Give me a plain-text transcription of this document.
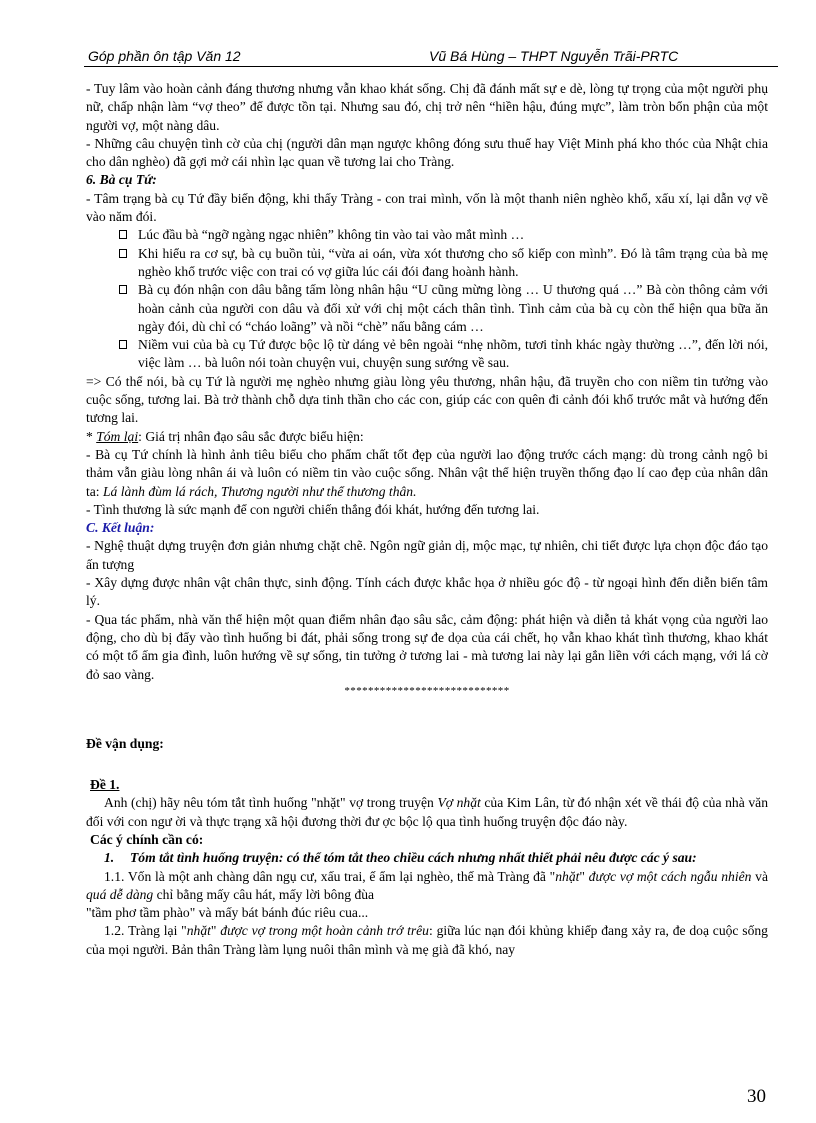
Góp phần ôn tập Văn 12	Vũ Bá Hùng – THPT Nguyễn Trãi-PRTC

- Tuy lâm vào hoàn cảnh đáng thương nhưng vẫn khao khát sống. Chị đã đánh mất sự e dè, lòng tự trọng của một người phụ nữ, chấp nhận làm “vợ theo” để được tồn tại. Nhưng sau đó, chị trở nên “hiền hậu, đúng mực”, làm tròn bổn phận của một người vợ, một nàng dâu.

- Những câu chuyện tình cờ của chị (người dân mạn ngược không đóng sưu thuế hay Việt Minh phá kho thóc của Nhật chia cho dân nghèo) đã gợi mở cái nhìn lạc quan về tương lai cho Tràng.

6. Bà cụ Tứ:

- Tâm trạng bà cụ Tứ đầy biến động, khi thấy Tràng - con trai mình, vốn là một thanh niên nghèo khổ, xấu xí, lại dẫn vợ về vào năm đói.

Lúc đầu bà “ngỡ ngàng ngạc nhiên” không tin vào tai vào mắt mình …

Khi hiểu ra cơ sự, bà cụ buồn tủi, “vừa ai oán, vừa xót thương cho số kiếp con mình”. Đó là tâm trạng của bà mẹ nghèo khổ trước việc con trai có vợ giữa lúc cái đói đang hoành hành.

Bà cụ đón nhận con dâu bằng tấm lòng nhân hậu “U cũng mừng lòng … U thương quá …” Bà còn thông cảm với hoàn cảnh của người con dâu và đối xử với chị một cách thân tình. Tình cảm của bà cụ còn thể hiện qua bữa ăn ngày đói, dù chỉ có “cháo loãng” và nồi “chè” nấu bằng cám …

Niềm vui của bà cụ Tứ được bộc lộ từ dáng vẻ bên ngoài “nhẹ nhõm, tươi tỉnh khác ngày thường …”, đến lời nói, việc làm … bà luôn nói toàn chuyện vui, chuyện sung sướng về sau.

=> Có thể nói, bà cụ Tứ là người mẹ nghèo nhưng giàu lòng yêu thương, nhân hậu, đã truyền cho con niềm tin tưởng vào cuộc sống, tương lai. Bà trở thành chỗ dựa tinh thần cho các con, giúp các con quên đi cảnh đói khổ trước mắt và hướng đến tương lai.

* Tóm lại: Giá trị nhân đạo sâu sắc được biểu hiện:

- Bà cụ Tứ chính là hình ảnh tiêu biểu cho phẩm chất tốt đẹp của người lao động trước cách mạng: dù trong cảnh ngộ bi thảm vẫn giàu lòng nhân ái và luôn có niềm tin vào cuộc sống. Nhân vật thể hiện truyền thống đạo lí cao đẹp của nhân dân ta: Lá lành đùm lá rách, Thương người như thể thương thân.

- Tình thương là sức mạnh để con người chiến thắng đói khát, hướng đến tương lai.

C. Kết luận:

- Nghệ thuật dựng truyện đơn giản nhưng chặt chẽ. Ngôn ngữ giản dị, mộc mạc, tự nhiên, chi tiết được lựa chọn độc đáo tạo ấn tượng

- Xây dựng được nhân vật chân thực, sinh động. Tính cách được khắc họa ở nhiều góc độ - từ ngoại hình đến diễn biến tâm lý.

- Qua tác phẩm, nhà văn thể hiện một quan điểm nhân đạo sâu sắc, cảm động: phát hiện và diễn tả khát vọng của người lao động, cho dù bị đẩy vào tình huống bi đát, phải sống trong sự đe dọa của cái chết, họ vẫn khao khát tình thương, khao khát có một tổ ấm gia đình, luôn hướng về sự sống, tin tưởng ở tương lai - mà tương lai này lại gắn liền với cách mạng, với lá cờ đỏ sao vàng.

****************************

Đề vận dụng:

Đề 1.

Anh (chị) hãy nêu tóm tắt tình huống "nhặt" vợ trong truyện Vợ nhặt của Kim Lân, từ đó nhận xét về thái độ của nhà văn đối với con ngư ời và thực trạng xã hội đương thời đư ợc bộc lộ qua tình huống truyện độc đáo này.

Các ý chính cần có:

1.	Tóm tắt tình huống truyện: có thể tóm tắt theo chiều cách nhưng nhất thiết phải nêu được các ý sau:

1.1. Vốn là một anh chàng dân ngụ cư, xấu trai, ế ẩm lại nghèo, thế mà Tràng đã "nhặt" được vợ một cách ngẫu nhiên và quá dễ dàng chỉ bằng mấy câu hát, mấy lời bông đùa

"tầm phơ tầm phào" và mấy bát bánh đúc riêu cua...

1.2. Tràng lại "nhặt" được vợ trong một hoàn cảnh trớ trêu: giữa lúc nạn đói khủng khiếp đang xảy ra, đe doạ cuộc sống của mọi người. Bản thân Tràng làm lụng nuôi thân mình và mẹ già đã khó, nay

30
